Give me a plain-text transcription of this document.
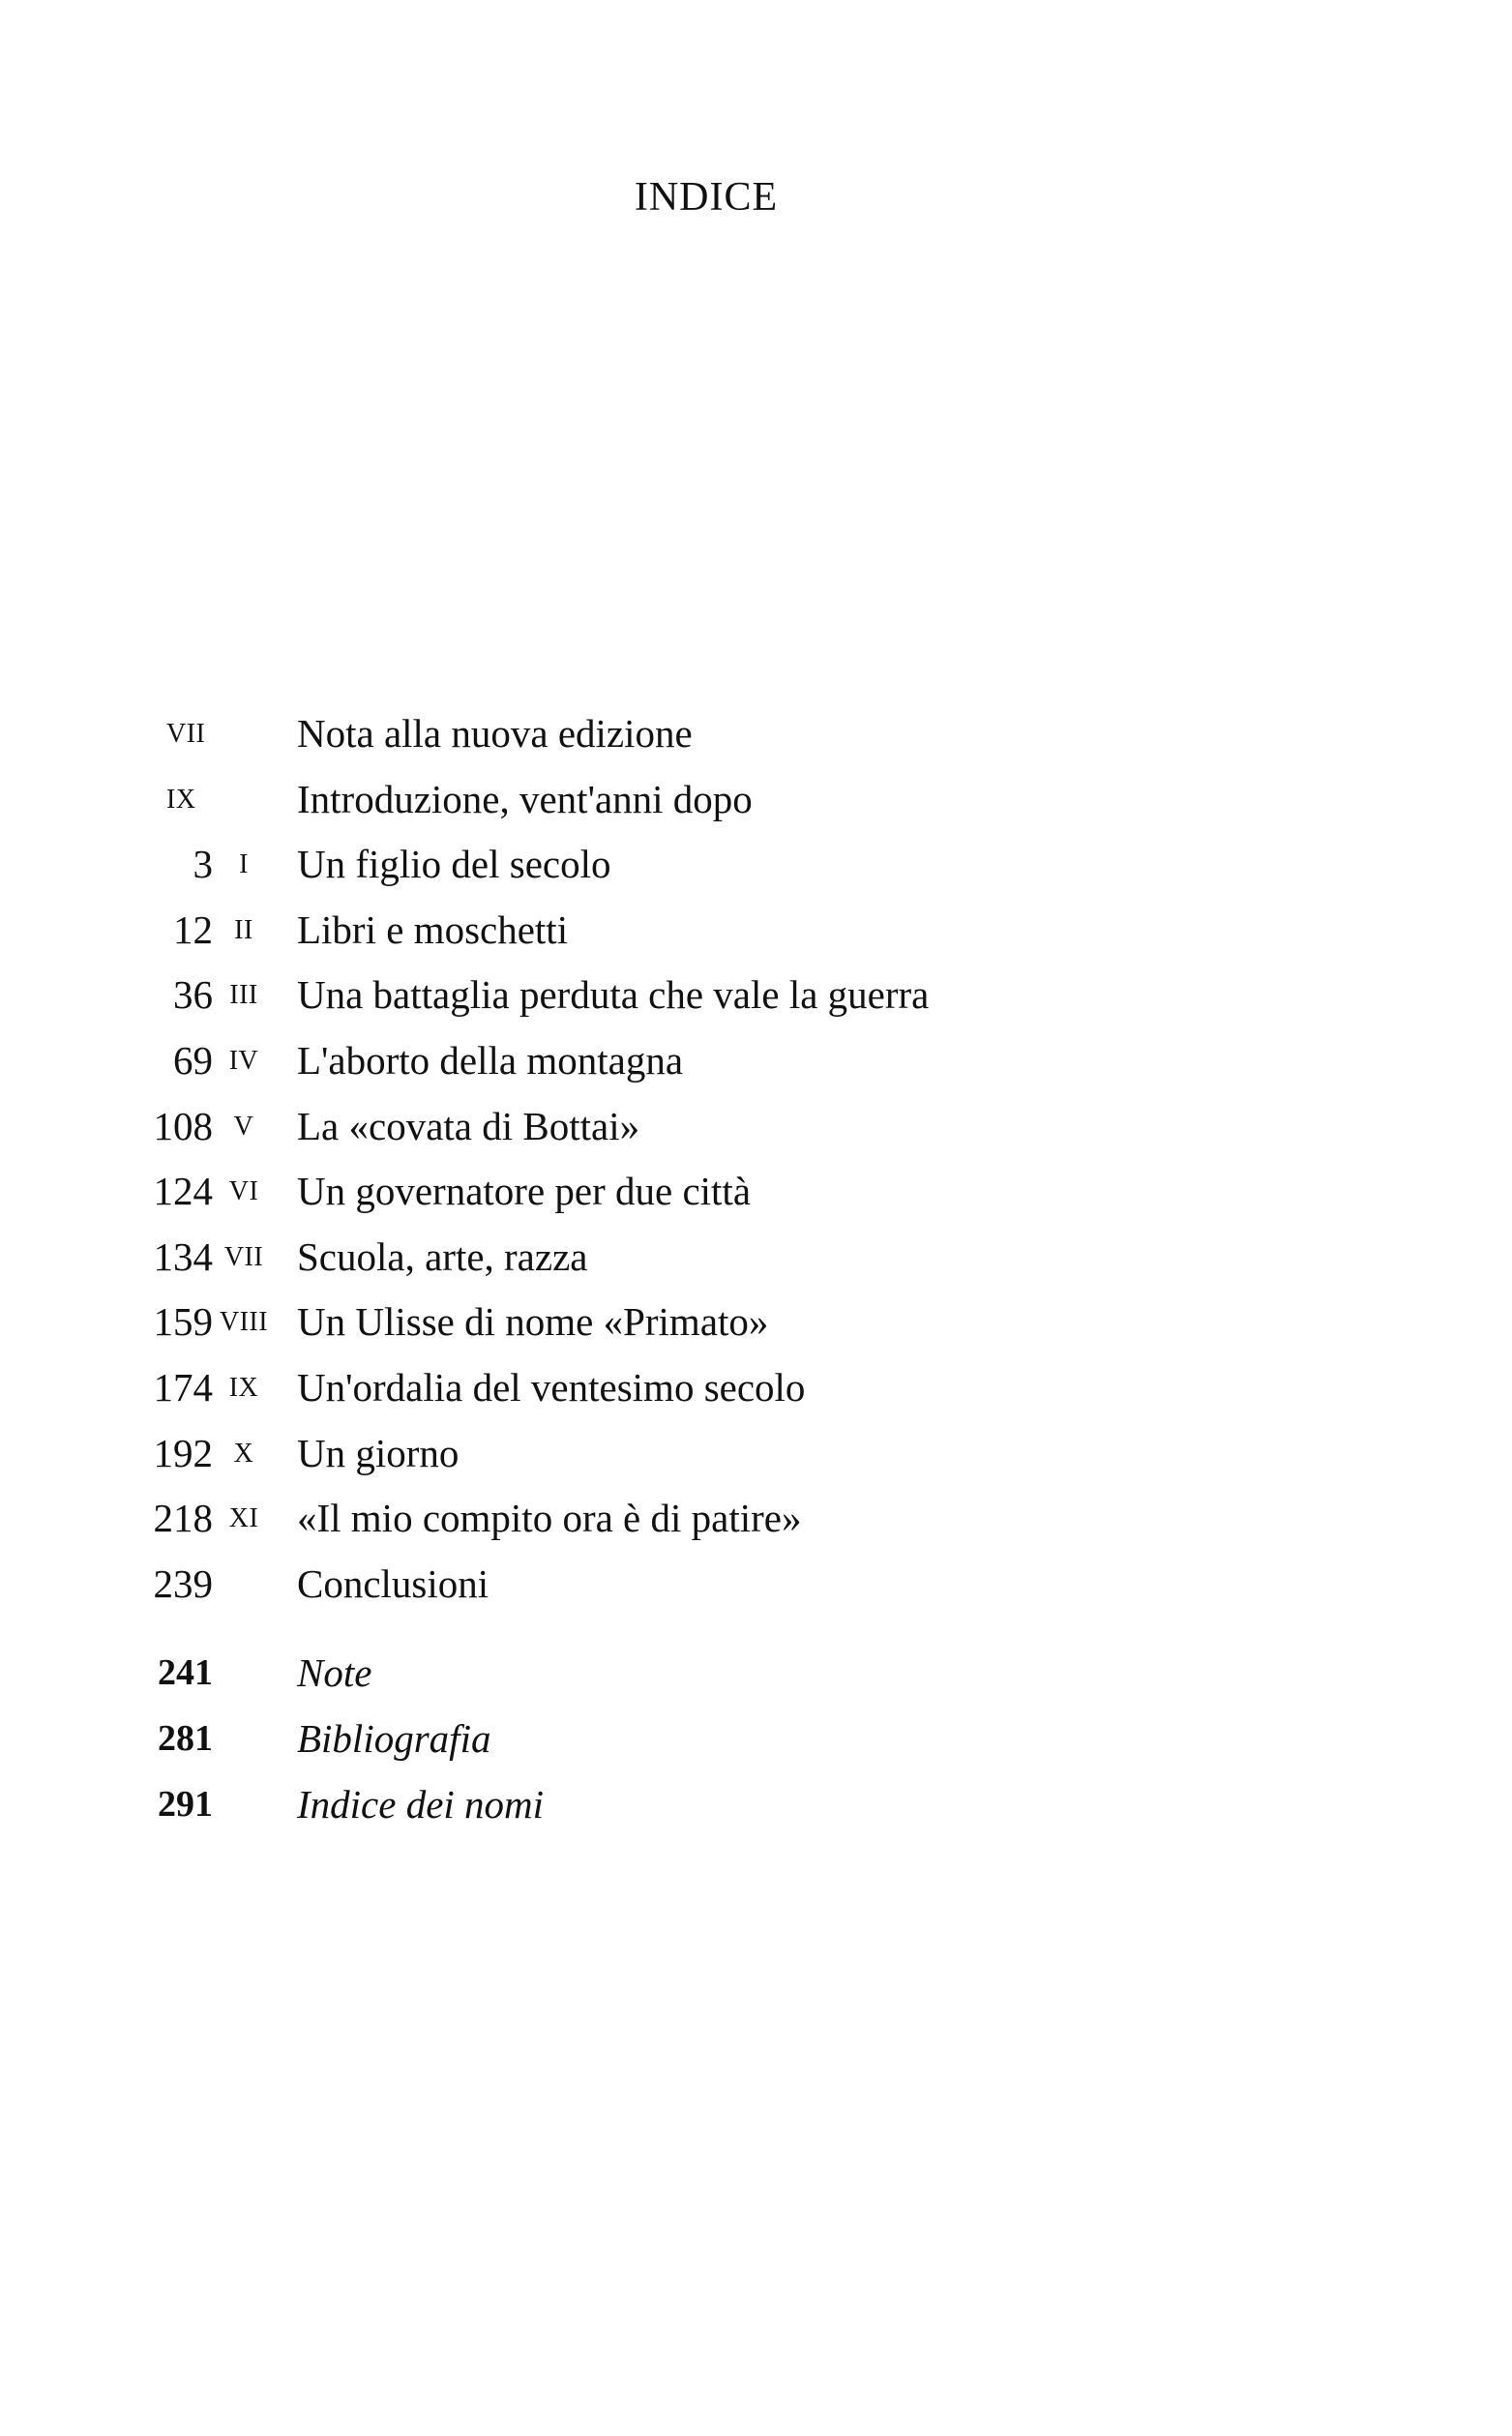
INDICE
VII	Nota alla nuova edizione
IX	Introduzione, vent'anni dopo
3 I	Un figlio del secolo
12 II	Libri e moschetti
36 III Una battaglia perduta che vale la guerra
69 IV L'aborto della montagna
108 V	La «covata di Bottai»
124 VI Un governatore per due città
134 VII Scuola, arte, razza
159 VIII Un Ulisse di nome «Primato»
174 IX Un'ordalia del ventesimo secolo
192 X	Un giorno
218 XI «Il mio compito ora è di patire»
239 Conclusioni
241 Note
281 Bibliografia
291 Indice dei nomi
